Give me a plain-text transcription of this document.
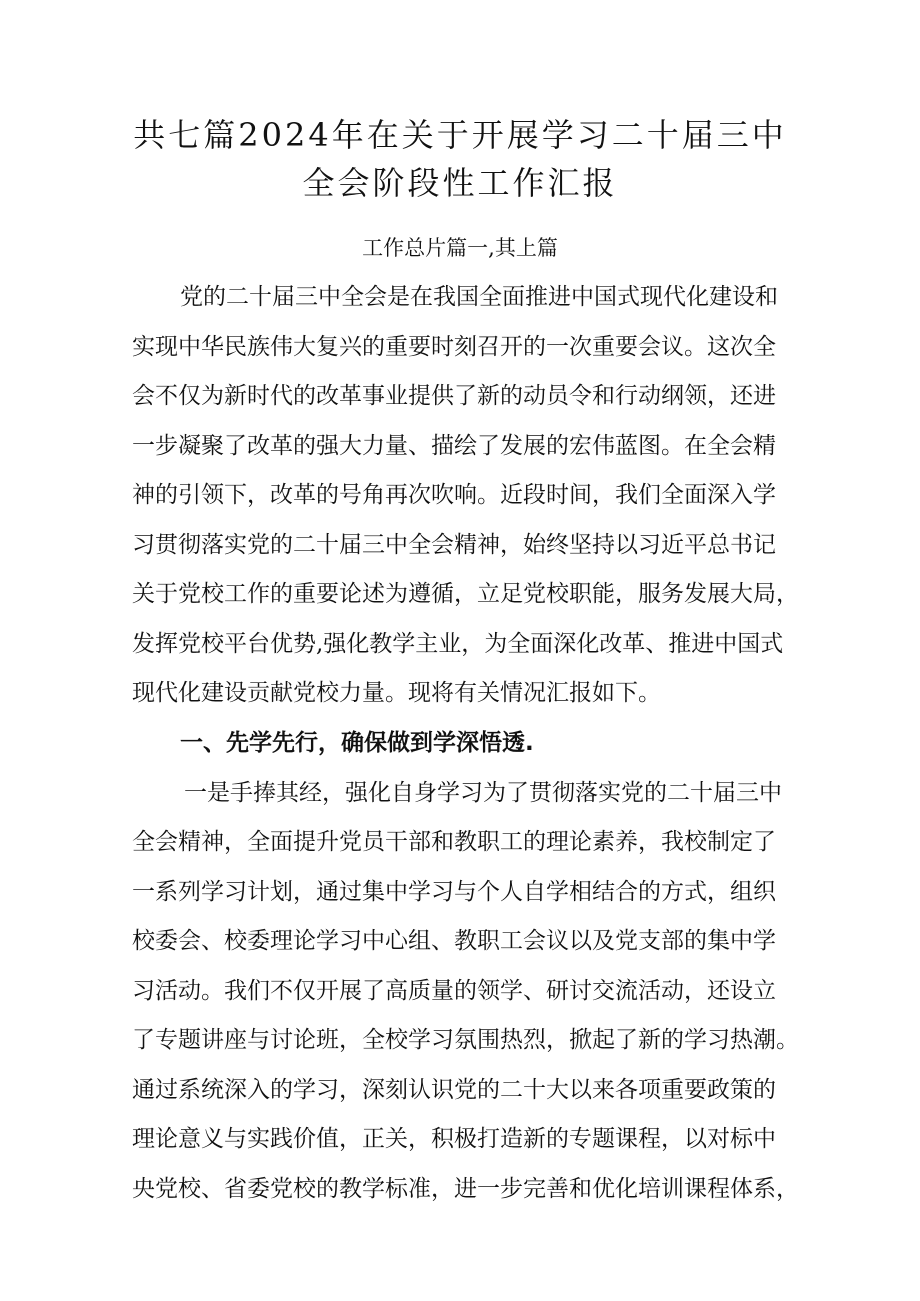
共七篇2024年在关于开展学习二十届三中
全会阶段性工作汇报
工作总片篇一,其上篇
党的二十届三中全会是在我国全面推进中国式现代化建设和
实现中华民族伟大复兴的重要时刻召开的一次重要会议。这次全
会不仅为新时代的改革事业提供了新的动员令和行动纲领，还进
一步凝聚了改革的强大力量、描绘了发展的宏伟蓝图。在全会精
神的引领下，改革的号角再次吹响。近段时间，我们全面深入学
习贯彻落实党的二十届三中全会精神，始终坚持以习近平总书记
关于党校工作的重要论述为遵循，立足党校职能，服务发展大局，
发挥党校平台优势,强化教学主业，为全面深化改革、推进中国式
现代化建设贡献党校力量。现将有关情况汇报如下。
一、先学先行，确保做到学深悟透.
一是手捧其经，强化自身学习为了贯彻落实党的二十届三中
全会精神，全面提升党员干部和教职工的理论素养，我校制定了
一系列学习计划，通过集中学习与个人自学相结合的方式，组织
校委会、校委理论学习中心组、教职工会议以及党支部的集中学
习活动。我们不仅开展了高质量的领学、研讨交流活动，还设立
了专题讲座与讨论班，全校学习氛围热烈，掀起了新的学习热潮。
通过系统深入的学习，深刻认识党的二十大以来各项重要政策的
理论意义与实践价值，正关，积极打造新的专题课程，以对标中
央党校、省委党校的教学标准，进一步完善和优化培训课程体系，
